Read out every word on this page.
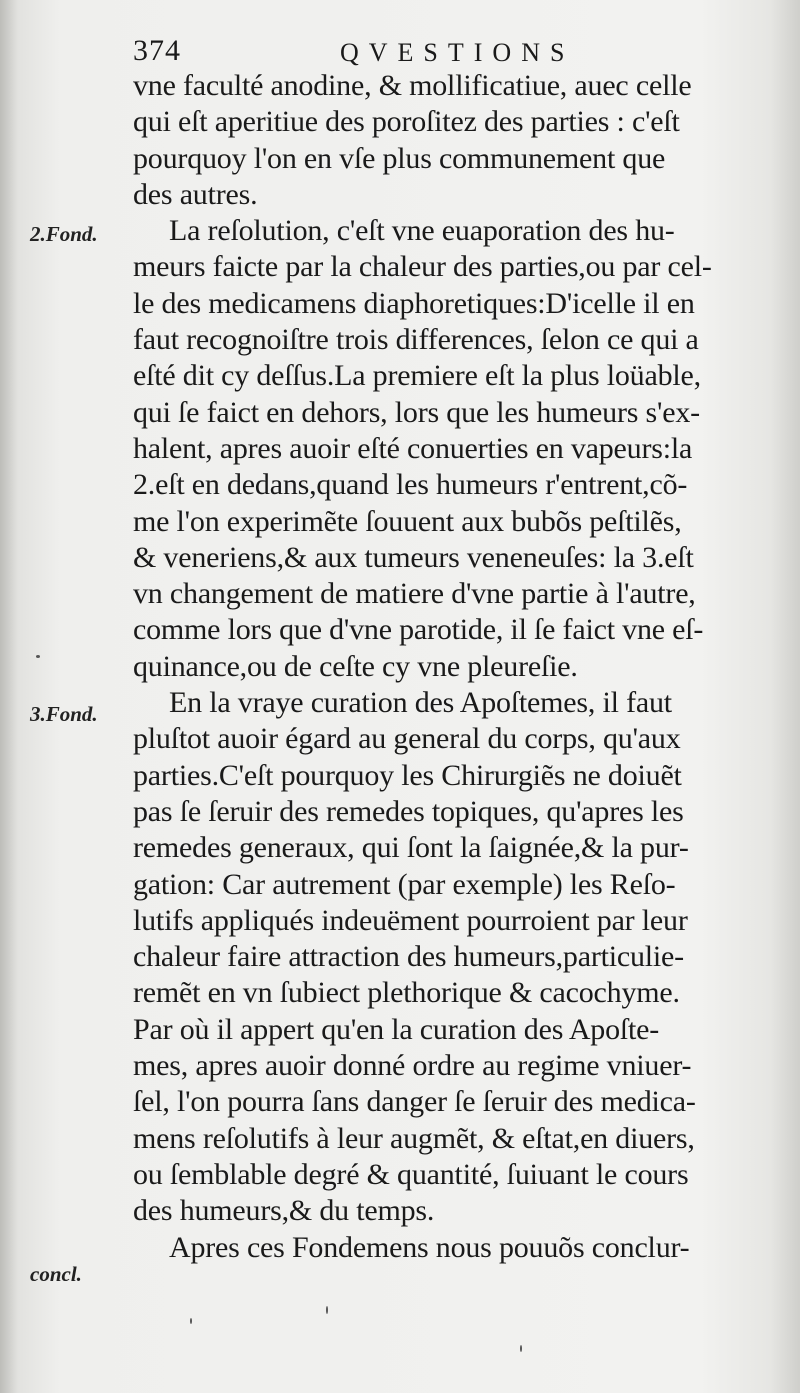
374	QVESTIONS
2.Fond.
3.Fond.
concl.
vne faculté anodine, & mollificatiue, auec celle
qui eſt aperitiue des poroſitez des parties : c'eſt
pourquoy l'on en vſe plus communement que
des autres.
La reſolution, c'eſt vne euaporation des hu-
meurs faicte par la chaleur des parties,ou par cel-
le des medicamens diaphoretiques:D'icelle il en
faut recognoiſtre trois differences, ſelon ce qui a
eſté dit cy deſſus.La premiere eſt la plus loüable,
qui ſe faict en dehors, lors que les humeurs s'ex-
halent, apres auoir eſté conuerties en vapeurs:la
2.eſt en dedans,quand les humeurs r'entrent,cõ-
me l'on experimẽte ſouuent aux bubõs peſtilẽs,
& veneriens,& aux tumeurs veneneuſes: la 3.eſt
vn changement de matiere d'vne partie à l'autre,
comme lors que d'vne parotide, il ſe faict vne eſ-
quinance,ou de ceſte cy vne pleureſie.
En la vraye curation des Apoſtemes, il faut
pluſtot auoir égard au general du corps, qu'aux
parties.C'eſt pourquoy les Chirurgiẽs ne doiuẽt
pas ſe ſeruir des remedes topiques, qu'apres les
remedes generaux, qui ſont la ſaignée,& la pur-
gation: Car autrement (par exemple) les Reſo-
lutifs appliqués indeuëment pourroient par leur
chaleur faire attraction des humeurs,particulie-
remẽt en vn ſubiect plethorique & cacochyme.
Par où il appert qu'en la curation des Apoſte-
mes, apres auoir donné ordre au regime vniuer-
ſel, l'on pourra ſans danger ſe ſeruir des medica-
mens reſolutifs à leur augmẽt, & eſtat,en diuers,
ou ſemblable degré & quantité, ſuiuant le cours
des humeurs,& du temps.
Apres ces Fondemens nous pouuõs conclur-
